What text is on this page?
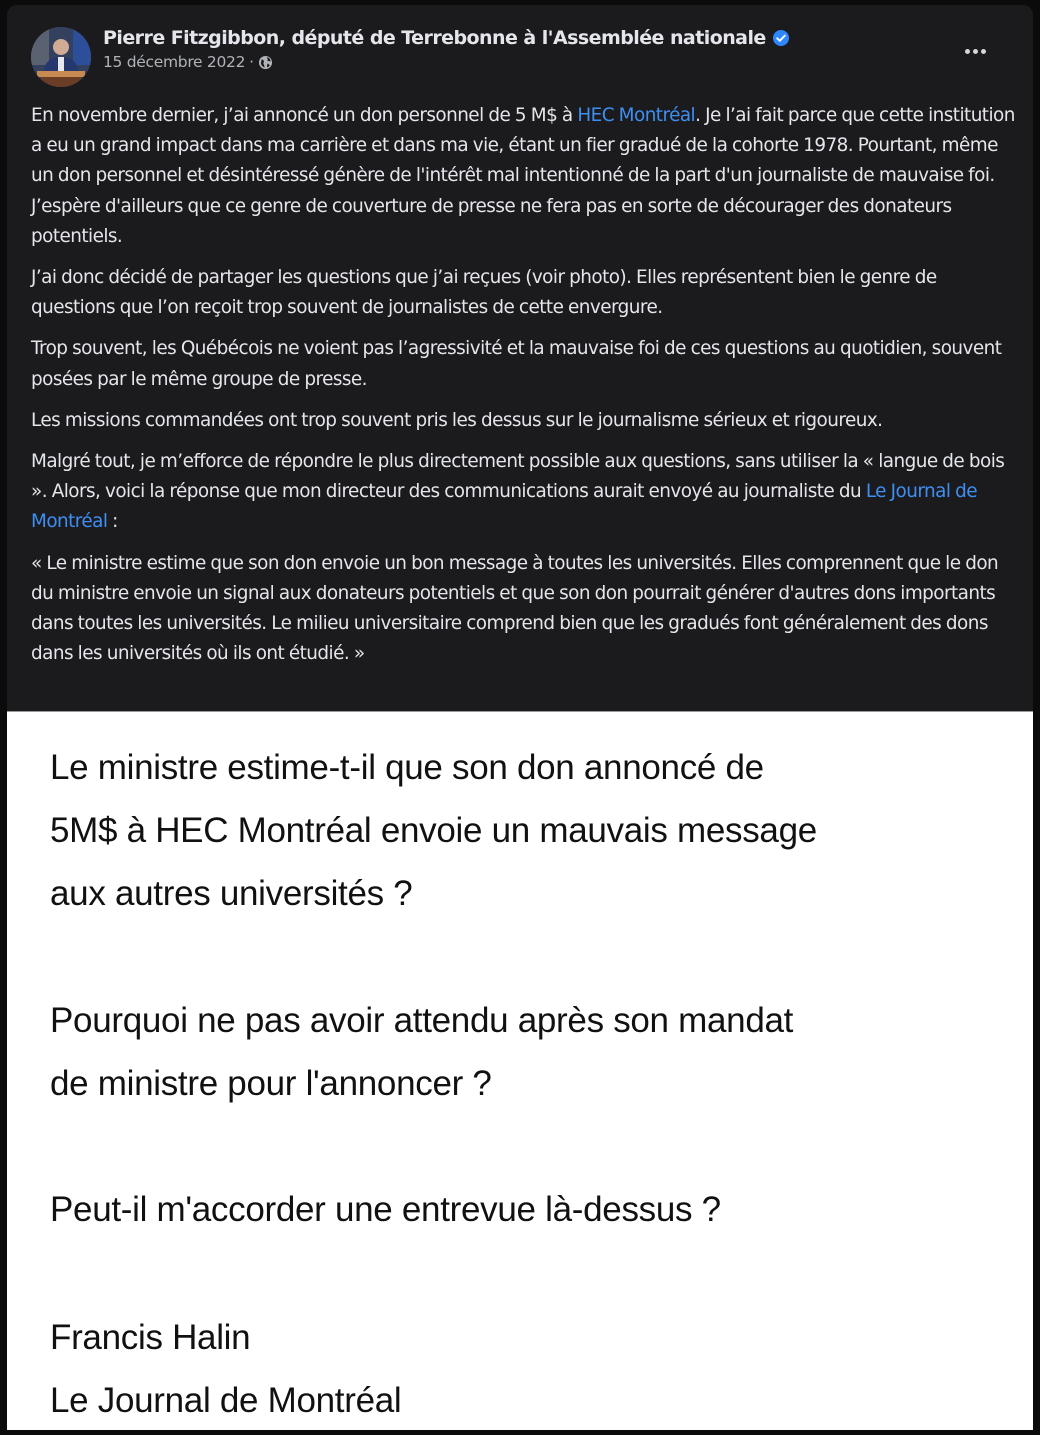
Pierre Fitzgibbon, député de Terrebonne à l'Assemblée nationale
15 décembre 2022 ·

En novembre dernier, j’ai annoncé un don personnel de 5 M$ à HEC Montréal. Je l’ai fait parce que cette institution a eu un grand impact dans ma carrière et dans ma vie, étant un fier gradué de la cohorte 1978. Pourtant, même un don personnel et désintéressé génère de l'intérêt mal intentionné de la part d'un journaliste de mauvaise foi. J’espère d'ailleurs que ce genre de couverture de presse ne fera pas en sorte de décourager des donateurs potentiels.

J’ai donc décidé de partager les questions que j’ai reçues (voir photo). Elles représentent bien le genre de questions que l’on reçoit trop souvent de journalistes de cette envergure.

Trop souvent, les Québécois ne voient pas l’agressivité et la mauvaise foi de ces questions au quotidien, souvent posées par le même groupe de presse.

Les missions commandées ont trop souvent pris les dessus sur le journalisme sérieux et rigoureux.

Malgré tout, je m’efforce de répondre le plus directement possible aux questions, sans utiliser la « langue de bois ». Alors, voici la réponse que mon directeur des communications aurait envoyé au journaliste du Le Journal de Montréal :

« Le ministre estime que son don envoie un bon message à toutes les universités. Elles comprennent que le don du ministre envoie un signal aux donateurs potentiels et que son don pourrait générer d'autres dons importants dans toutes les universités. Le milieu universitaire comprend bien que les gradués font généralement des dons dans les universités où ils ont étudié. »

Le ministre estime-t-il que son don annoncé de
5M$ à HEC Montréal envoie un mauvais message
aux autres universités ?
Pourquoi ne pas avoir attendu après son mandat
de ministre pour l'annoncer ?
Peut-il m'accorder une entrevue là-dessus ?
Francis Halin
Le Journal de Montréal
